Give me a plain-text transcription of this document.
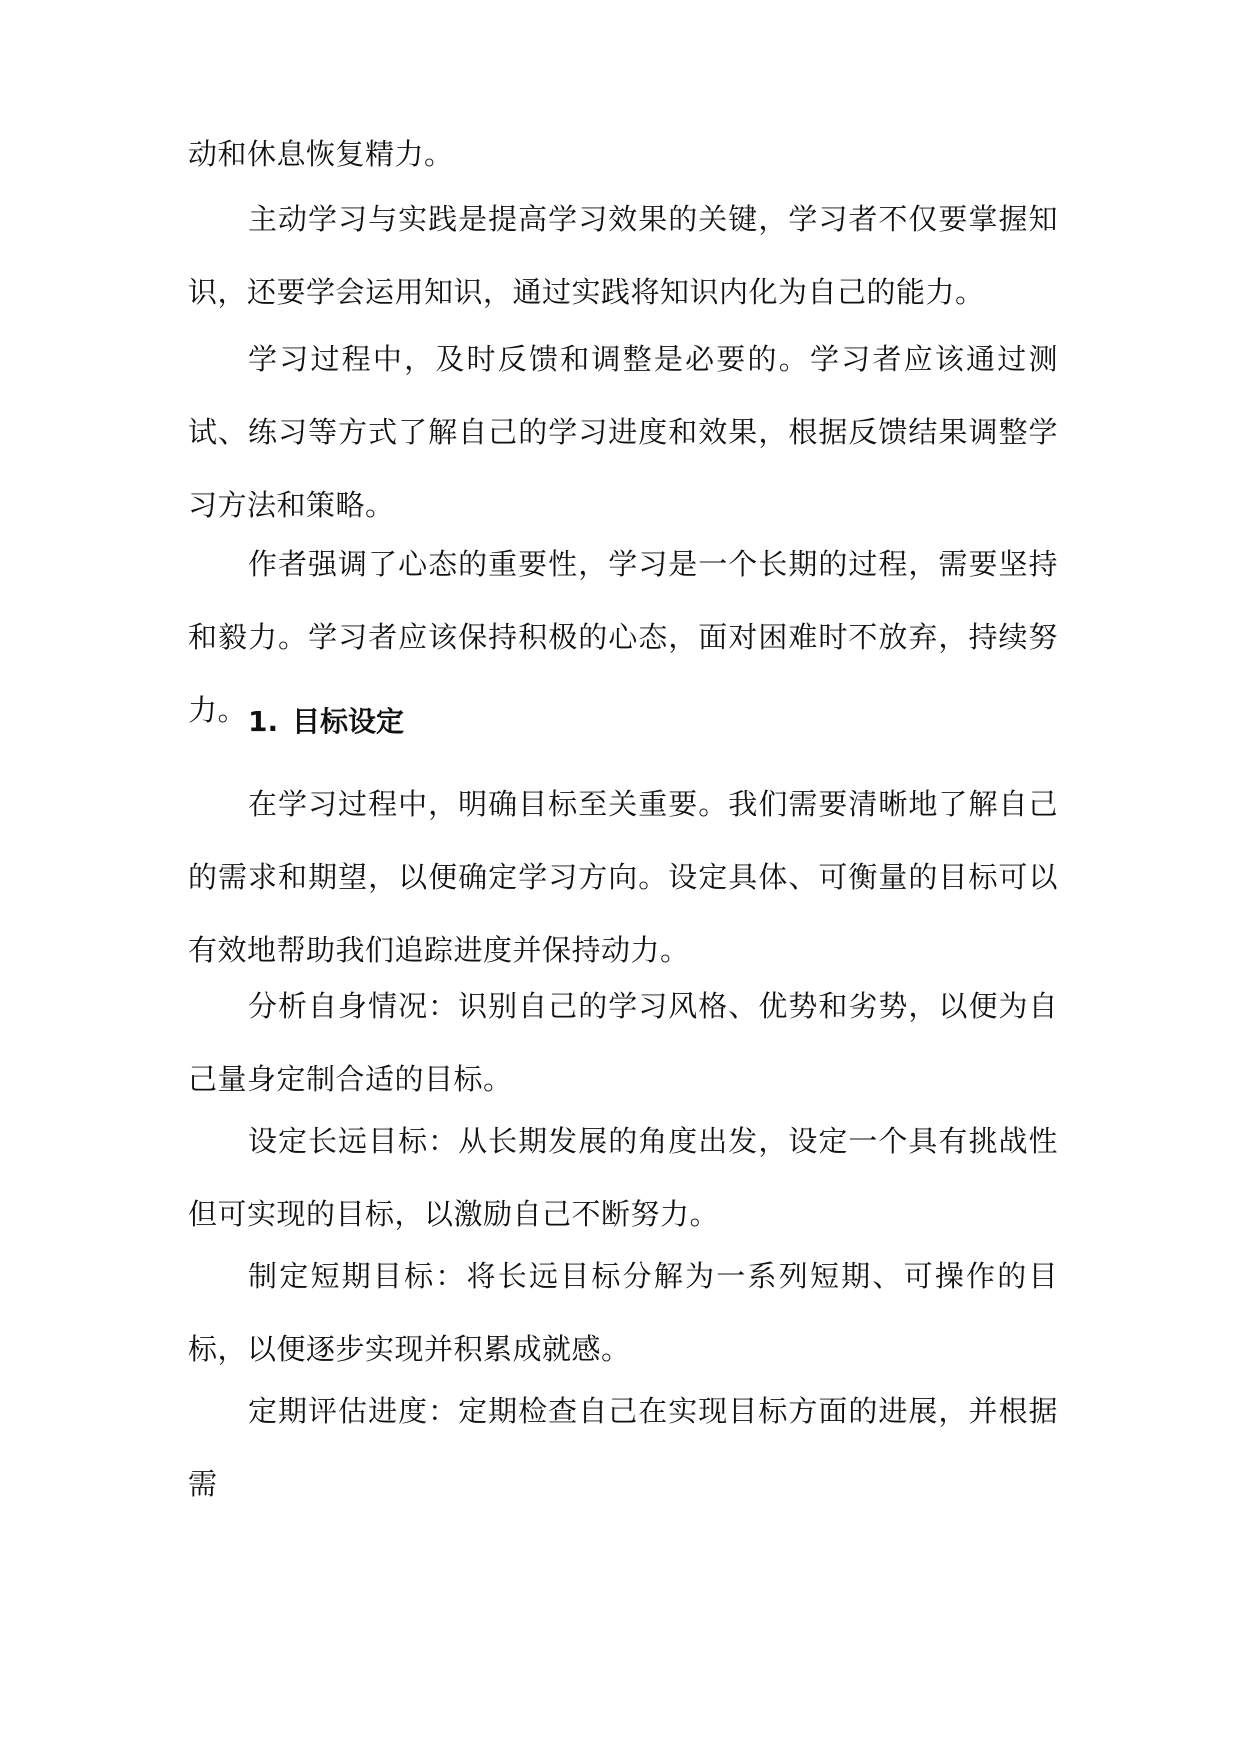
动和休息恢复精力。

主动学习与实践是提高学习效果的关键，学习者不仅要掌握知识，还要学会运用知识，通过实践将知识内化为自己的能力。

学习过程中，及时反馈和调整是必要的。学习者应该通过测试、练习等方式了解自己的学习进度和效果，根据反馈结果调整学习方法和策略。

作者强调了心态的重要性，学习是一个长期的过程，需要坚持和毅力。学习者应该保持积极的心态，面对困难时不放弃，持续努力。 1. 目标设定

在学习过程中，明确目标至关重要。我们需要清晰地了解自己的需求和期望，以便确定学习方向。设定具体、可衡量的目标可以有效地帮助我们追踪进度并保持动力。

分析自身情况：识别自己的学习风格、优势和劣势，以便为自己量身定制合适的目标。

设定长远目标：从长期发展的角度出发，设定一个具有挑战性但可实现的目标，以激励自己不断努力。

制定短期目标：将长远目标分解为一系列短期、可操作的目标，以便逐步实现并积累成就感。

定期评估进度：定期检查自己在实现目标方面的进展，并根据需
